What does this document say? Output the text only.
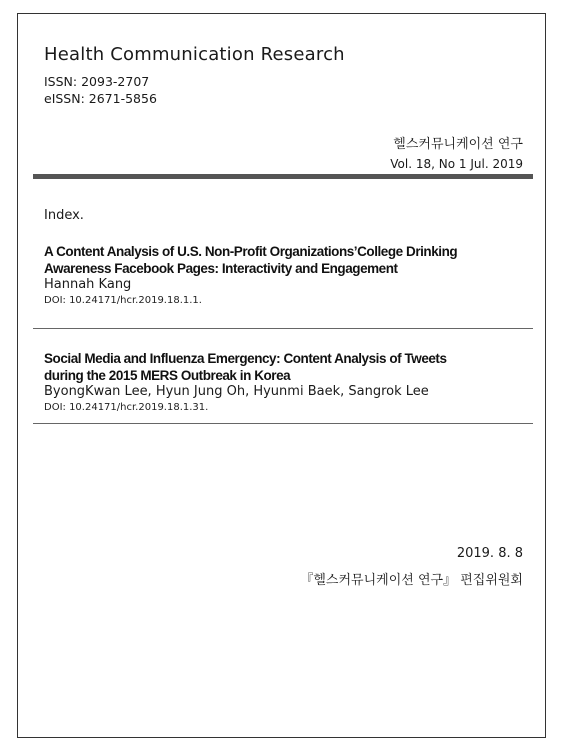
Health Communication Research
ISSN: 2093-2707
eISSN: 2671-5856
헬스커뮤니케이션 연구
Vol. 18, No 1 Jul. 2019
Index.
A Content Analysis of U.S. Non-Profit Organizations’College Drinking
Awareness Facebook Pages: Interactivity and Engagement
Hannah Kang
DOI: 10.24171/hcr.2019.18.1.1.
Social Media and Influenza Emergency: Content Analysis of Tweets
during the 2015 MERS Outbreak in Korea
ByongKwan Lee, Hyun Jung Oh, Hyunmi Baek, Sangrok Lee
DOI: 10.24171/hcr.2019.18.1.31.
2019. 8. 8
『헬스커뮤니케이션 연구』 편집위원회
